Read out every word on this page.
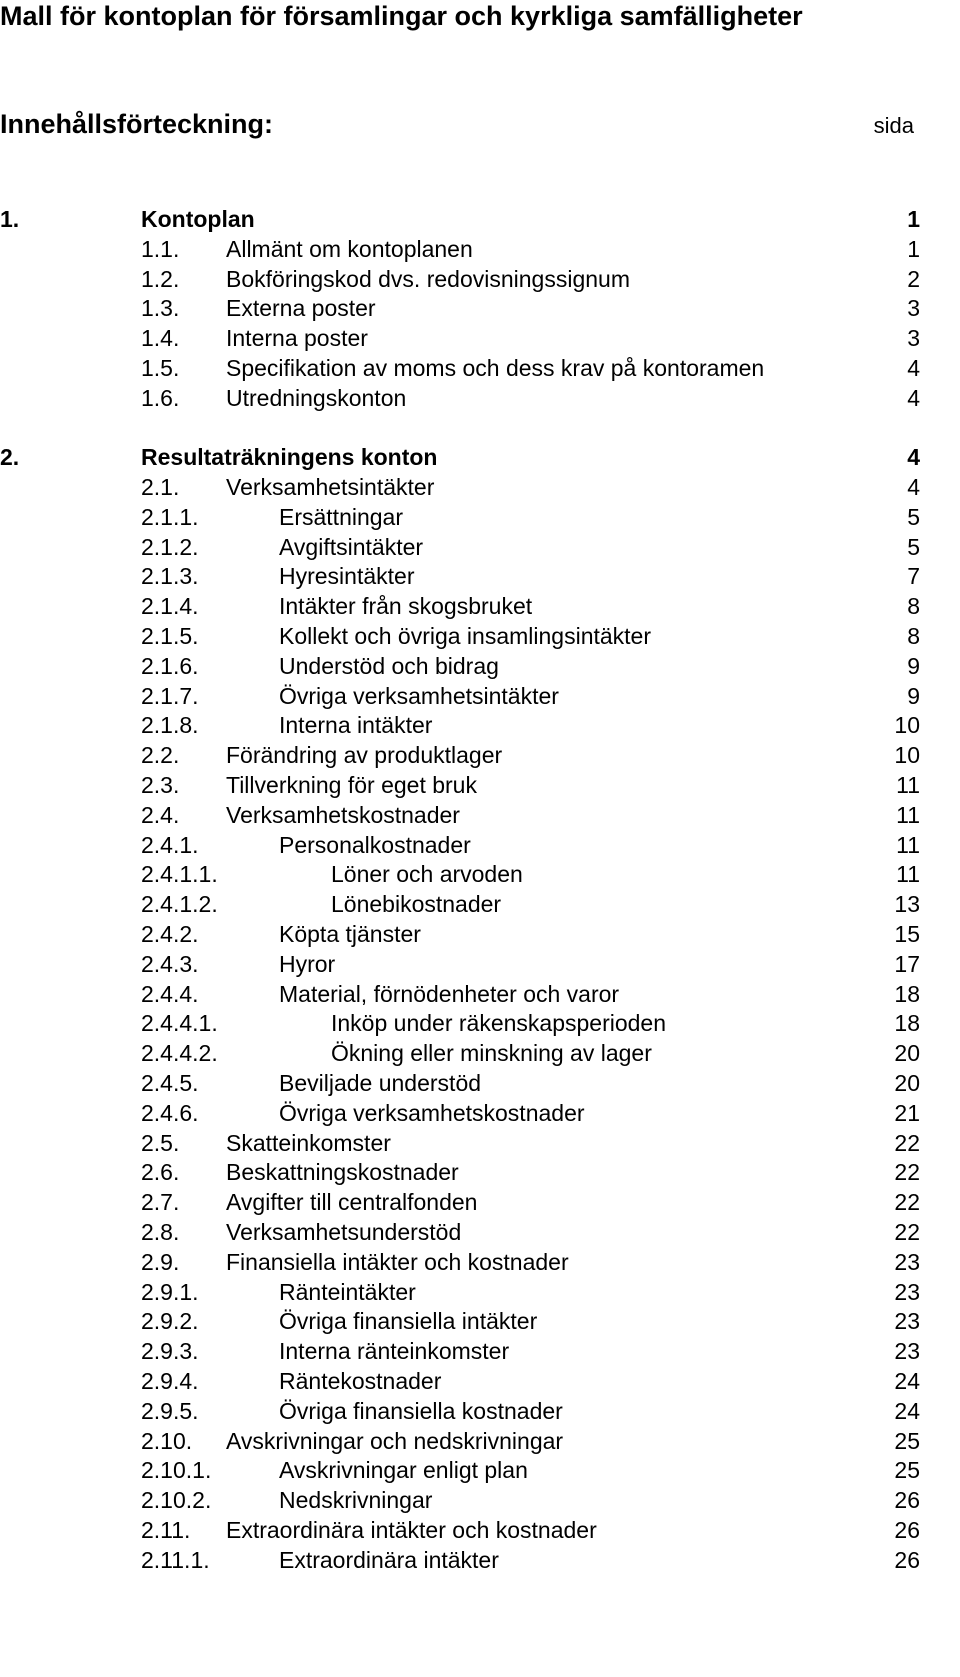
Mall för kontoplan för församlingar och kyrkliga samfälligheter
Innehållsförteckning:	sida
1.	Kontoplan	1
1.1. Allmänt om kontoplanen	1
1.2. Bokföringskod dvs. redovisningssignum	2
1.3. Externa poster	3
1.4. Interna poster	3
1.5. Specifikation av moms och dess krav på kontoramen	4
1.6. Utredningskonton	4
2.	Resultaträkningens konton	4
2.1. Verksamhetsintäkter	4
2.1.1.	Ersättningar	5
2.1.2.	Avgiftsintäkter	5
2.1.3.	Hyresintäkter	7
2.1.4.	Intäkter från skogsbruket	8
2.1.5.	Kollekt och övriga insamlingsintäkter	8
2.1.6.	Understöd och bidrag	9
2.1.7.	Övriga verksamhetsintäkter	9
2.1.8.	Interna intäkter	10
2.2. Förändring av produktlager	10
2.3. Tillverkning för eget bruk	11
2.4. Verksamhetskostnader	11
2.4.1.	Personalkostnader	11
2.4.1.1.	Löner och arvoden	11
2.4.1.2.	Lönebikostnader	13
2.4.2.	Köpta tjänster	15
2.4.3.	Hyror	17
2.4.4.	Material, förnödenheter och varor	18
2.4.4.1.	Inköp under räkenskapsperioden	18
2.4.4.2.	Ökning eller minskning av lager	20
2.4.5.	Beviljade understöd	20
2.4.6.	Övriga verksamhetskostnader	21
2.5. Skatteinkomster	22
2.6. Beskattningskostnader	22
2.7. Avgifter till centralfonden	22
2.8. Verksamhetsunderstöd	22
2.9. Finansiella intäkter och kostnader	23
2.9.1.	Ränteintäkter	23
2.9.2.	Övriga finansiella intäkter	23
2.9.3.	Interna ränteinkomster	23
2.9.4.	Räntekostnader	24
2.9.5.	Övriga finansiella kostnader	24
2.10. Avskrivningar och nedskrivningar	25
2.10.1.	Avskrivningar enligt plan	25
2.10.2.	Nedskrivningar	26
2.11. Extraordinära intäkter och kostnader	26
2.11.1.	Extraordinära intäkter	26
